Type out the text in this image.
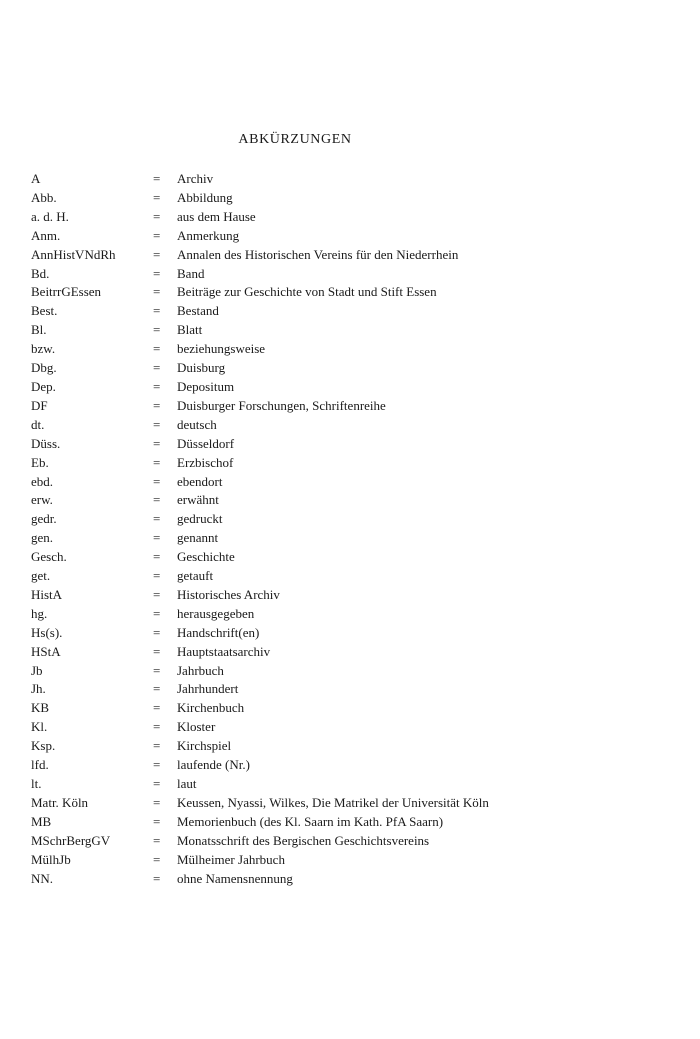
ABKÜRZUNGEN
A	=	Archiv
Abb.	=	Abbildung
a. d. H.	=	aus dem Hause
Anm.	=	Anmerkung
AnnHistVNdRh	=	Annalen des Historischen Vereins für den Niederrhein
Bd.	=	Band
BeitrrGEssen	=	Beiträge zur Geschichte von Stadt und Stift Essen
Best.	=	Bestand
Bl.	=	Blatt
bzw.	=	beziehungsweise
Dbg.	=	Duisburg
Dep.	=	Depositum
DF	=	Duisburger Forschungen, Schriftenreihe
dt.	=	deutsch
Düss.	=	Düsseldorf
Eb.	=	Erzbischof
ebd.	=	ebendort
erw.	=	erwähnt
gedr.	=	gedruckt
gen.	=	genannt
Gesch.	=	Geschichte
get.	=	getauft
HistA	=	Historisches Archiv
hg.	=	herausgegeben
Hs(s).	=	Handschrift(en)
HStA	=	Hauptstaatsarchiv
Jb	=	Jahrbuch
Jh.	=	Jahrhundert
KB	=	Kirchenbuch
Kl.	=	Kloster
Ksp.	=	Kirchspiel
lfd.	=	laufende (Nr.)
lt.	=	laut
Matr. Köln	=	Keussen, Nyassi, Wilkes, Die Matrikel der Universität Köln
MB	=	Memorienbuch (des Kl. Saarn im Kath. PfA Saarn)
MSchrBergGV	=	Monatsschrift des Bergischen Geschichtsvereins
MülhJb	=	Mülheimer Jahrbuch
NN.	=	ohne Namensnennung
